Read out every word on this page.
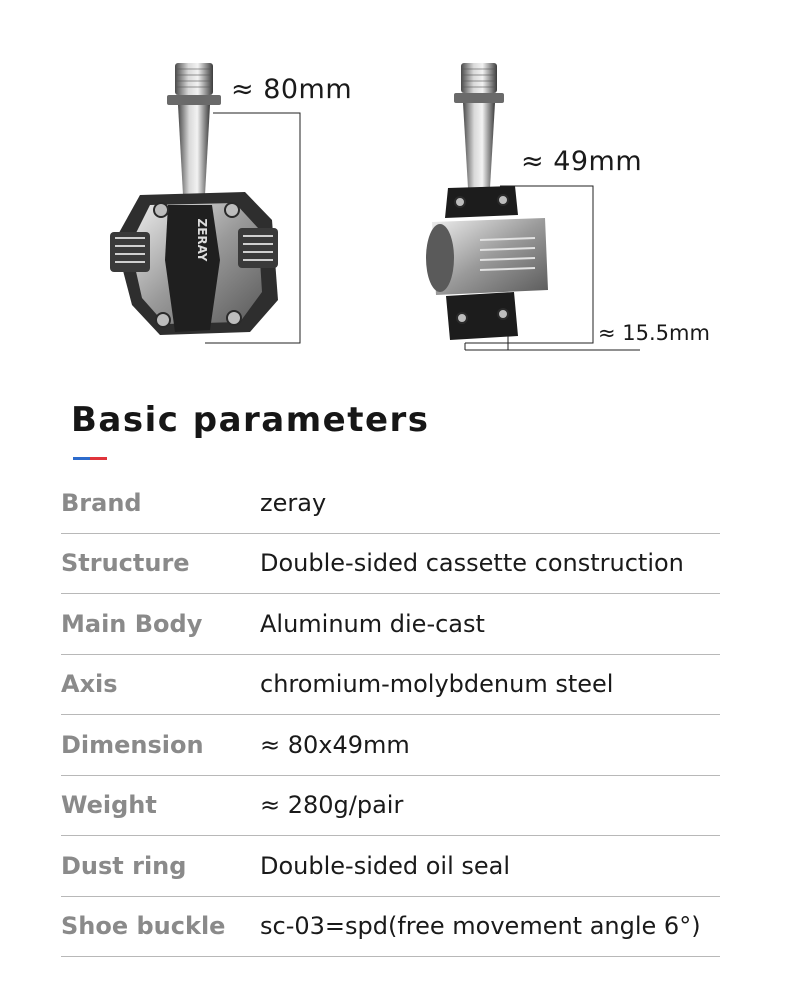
ZERAY
≈ 80mm
≈ 49mm
≈ 15.5mm
Basic parameters
Brand	zeray
Structure	Double-sided cassette construction
Main Body	Aluminum die-cast
Axis	chromium-molybdenum steel
Dimension	≈ 80x49mm
Weight	≈ 280g/pair
Dust ring	Double-sided oil seal
Shoe buckle	sc-03=spd(free movement angle 6°)
